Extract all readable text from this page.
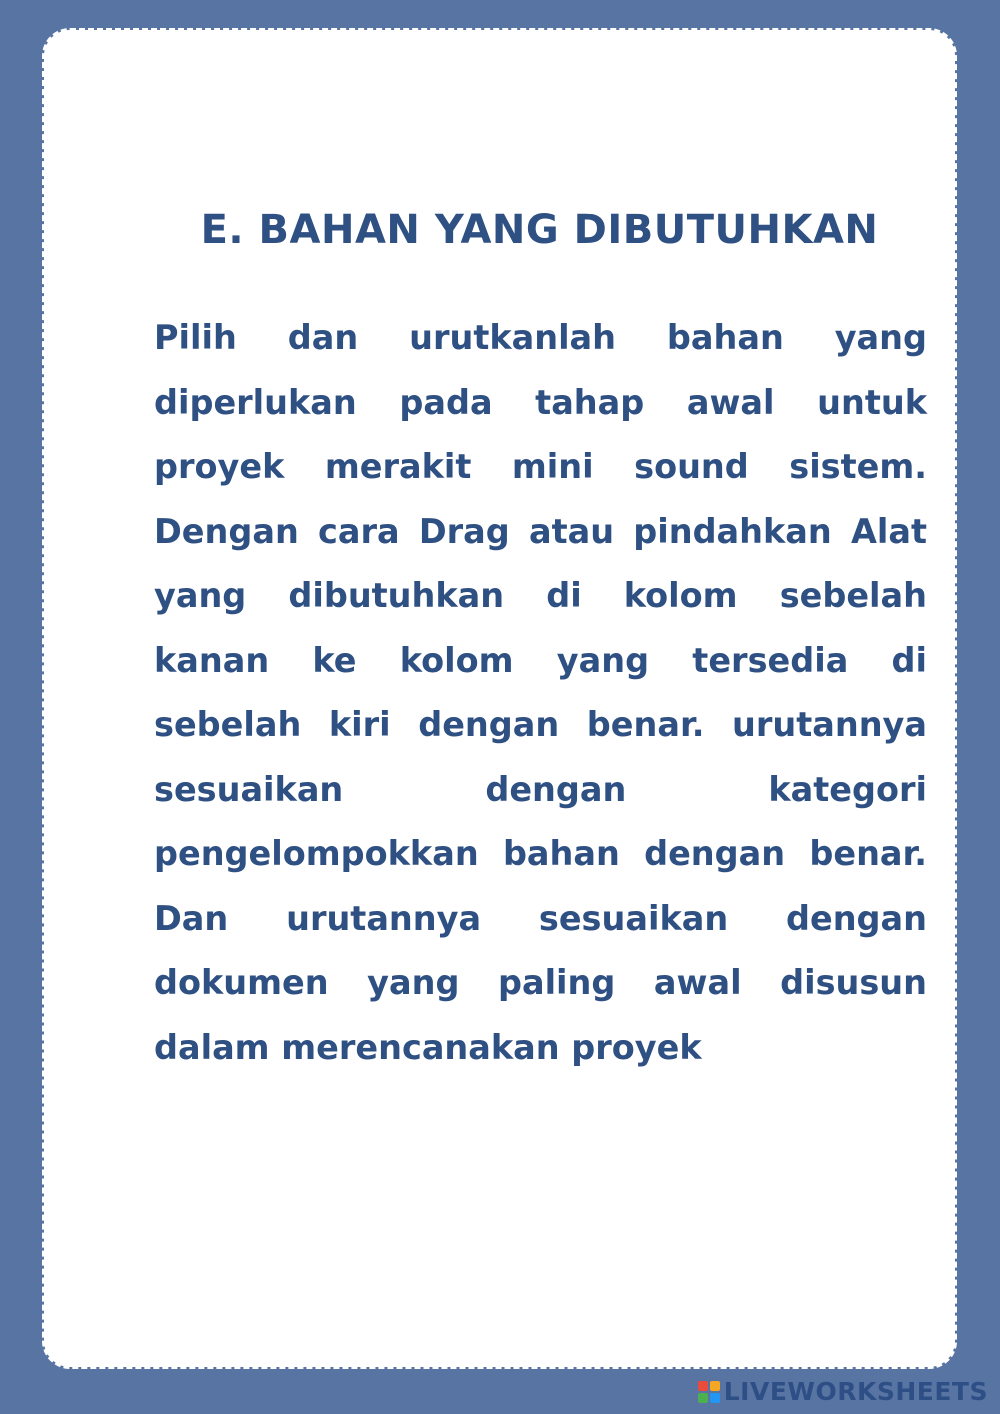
E. BAHAN YANG DIBUTUHKAN

Pilih dan urutkanlah bahan yang diperlukan pada tahap awal untuk proyek merakit mini sound sistem. Dengan cara Drag atau pindahkan Alat yang dibutuhkan di kolom sebelah kanan ke kolom yang tersedia di sebelah kiri dengan benar. urutannya sesuaikan dengan kategori pengelompokkan bahan dengan benar. Dan urutannya sesuaikan dengan dokumen yang paling awal disusun dalam merencanakan proyek

LIVEWORKSHEETS
